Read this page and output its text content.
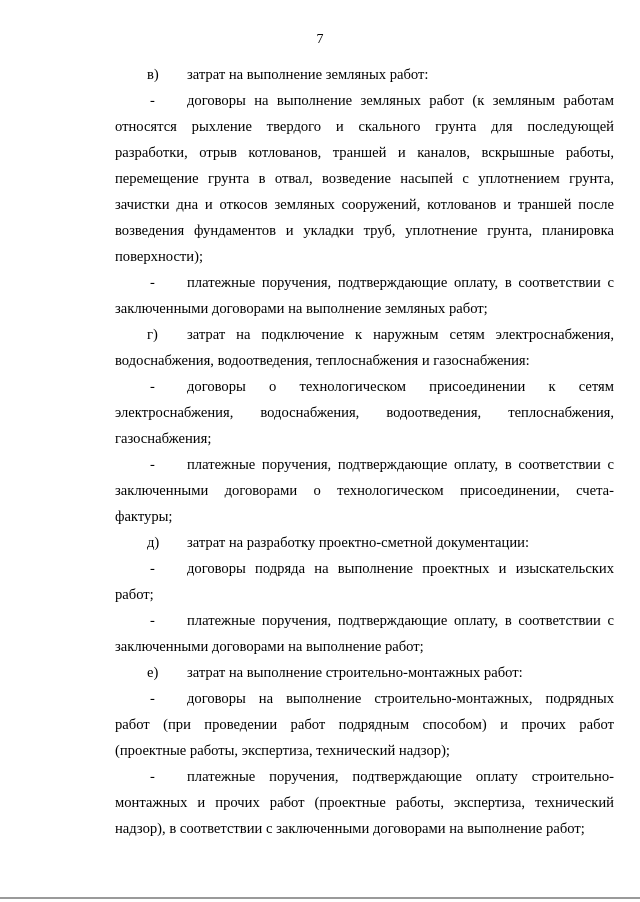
7
в) затрат на выполнение земляных работ:
- договоры на выполнение земляных работ (к земляным работам
относятся рыхление твердого и скального грунта для последующей
разработки, отрыв котлованов, траншей и каналов, вскрышные работы,
перемещение грунта в отвал, возведение насыпей с уплотнением грунта,
зачистки дна и откосов земляных сооружений, котлованов и траншей после
возведения фундаментов и укладки труб, уплотнение грунта, планировка
поверхности);
- платежные поручения, подтверждающие оплату, в соответствии с
заключенными договорами на выполнение земляных работ;
г) затрат на подключение к наружным сетям электроснабжения,
водоснабжения, водоотведения, теплоснабжения и газоснабжения:
- договоры о технологическом присоединении к сетям
электроснабжения, водоснабжения, водоотведения, теплоснабжения,
газоснабжения;
- платежные поручения, подтверждающие оплату, в соответствии с
заключенными договорами о технологическом присоединении, счета-
фактуры;
д) затрат на разработку проектно-сметной документации:
- договоры подряда на выполнение проектных и изыскательских
работ;
- платежные поручения, подтверждающие оплату, в соответствии с
заключенными договорами на выполнение работ;
е) затрат на выполнение строительно-монтажных работ:
- договоры на выполнение строительно-монтажных, подрядных
работ (при проведении работ подрядным способом) и прочих работ
(проектные работы, экспертиза, технический надзор);
- платежные поручения, подтверждающие оплату строительно-
монтажных и прочих работ (проектные работы, экспертиза, технический
надзор), в соответствии с заключенными договорами на выполнение работ;
